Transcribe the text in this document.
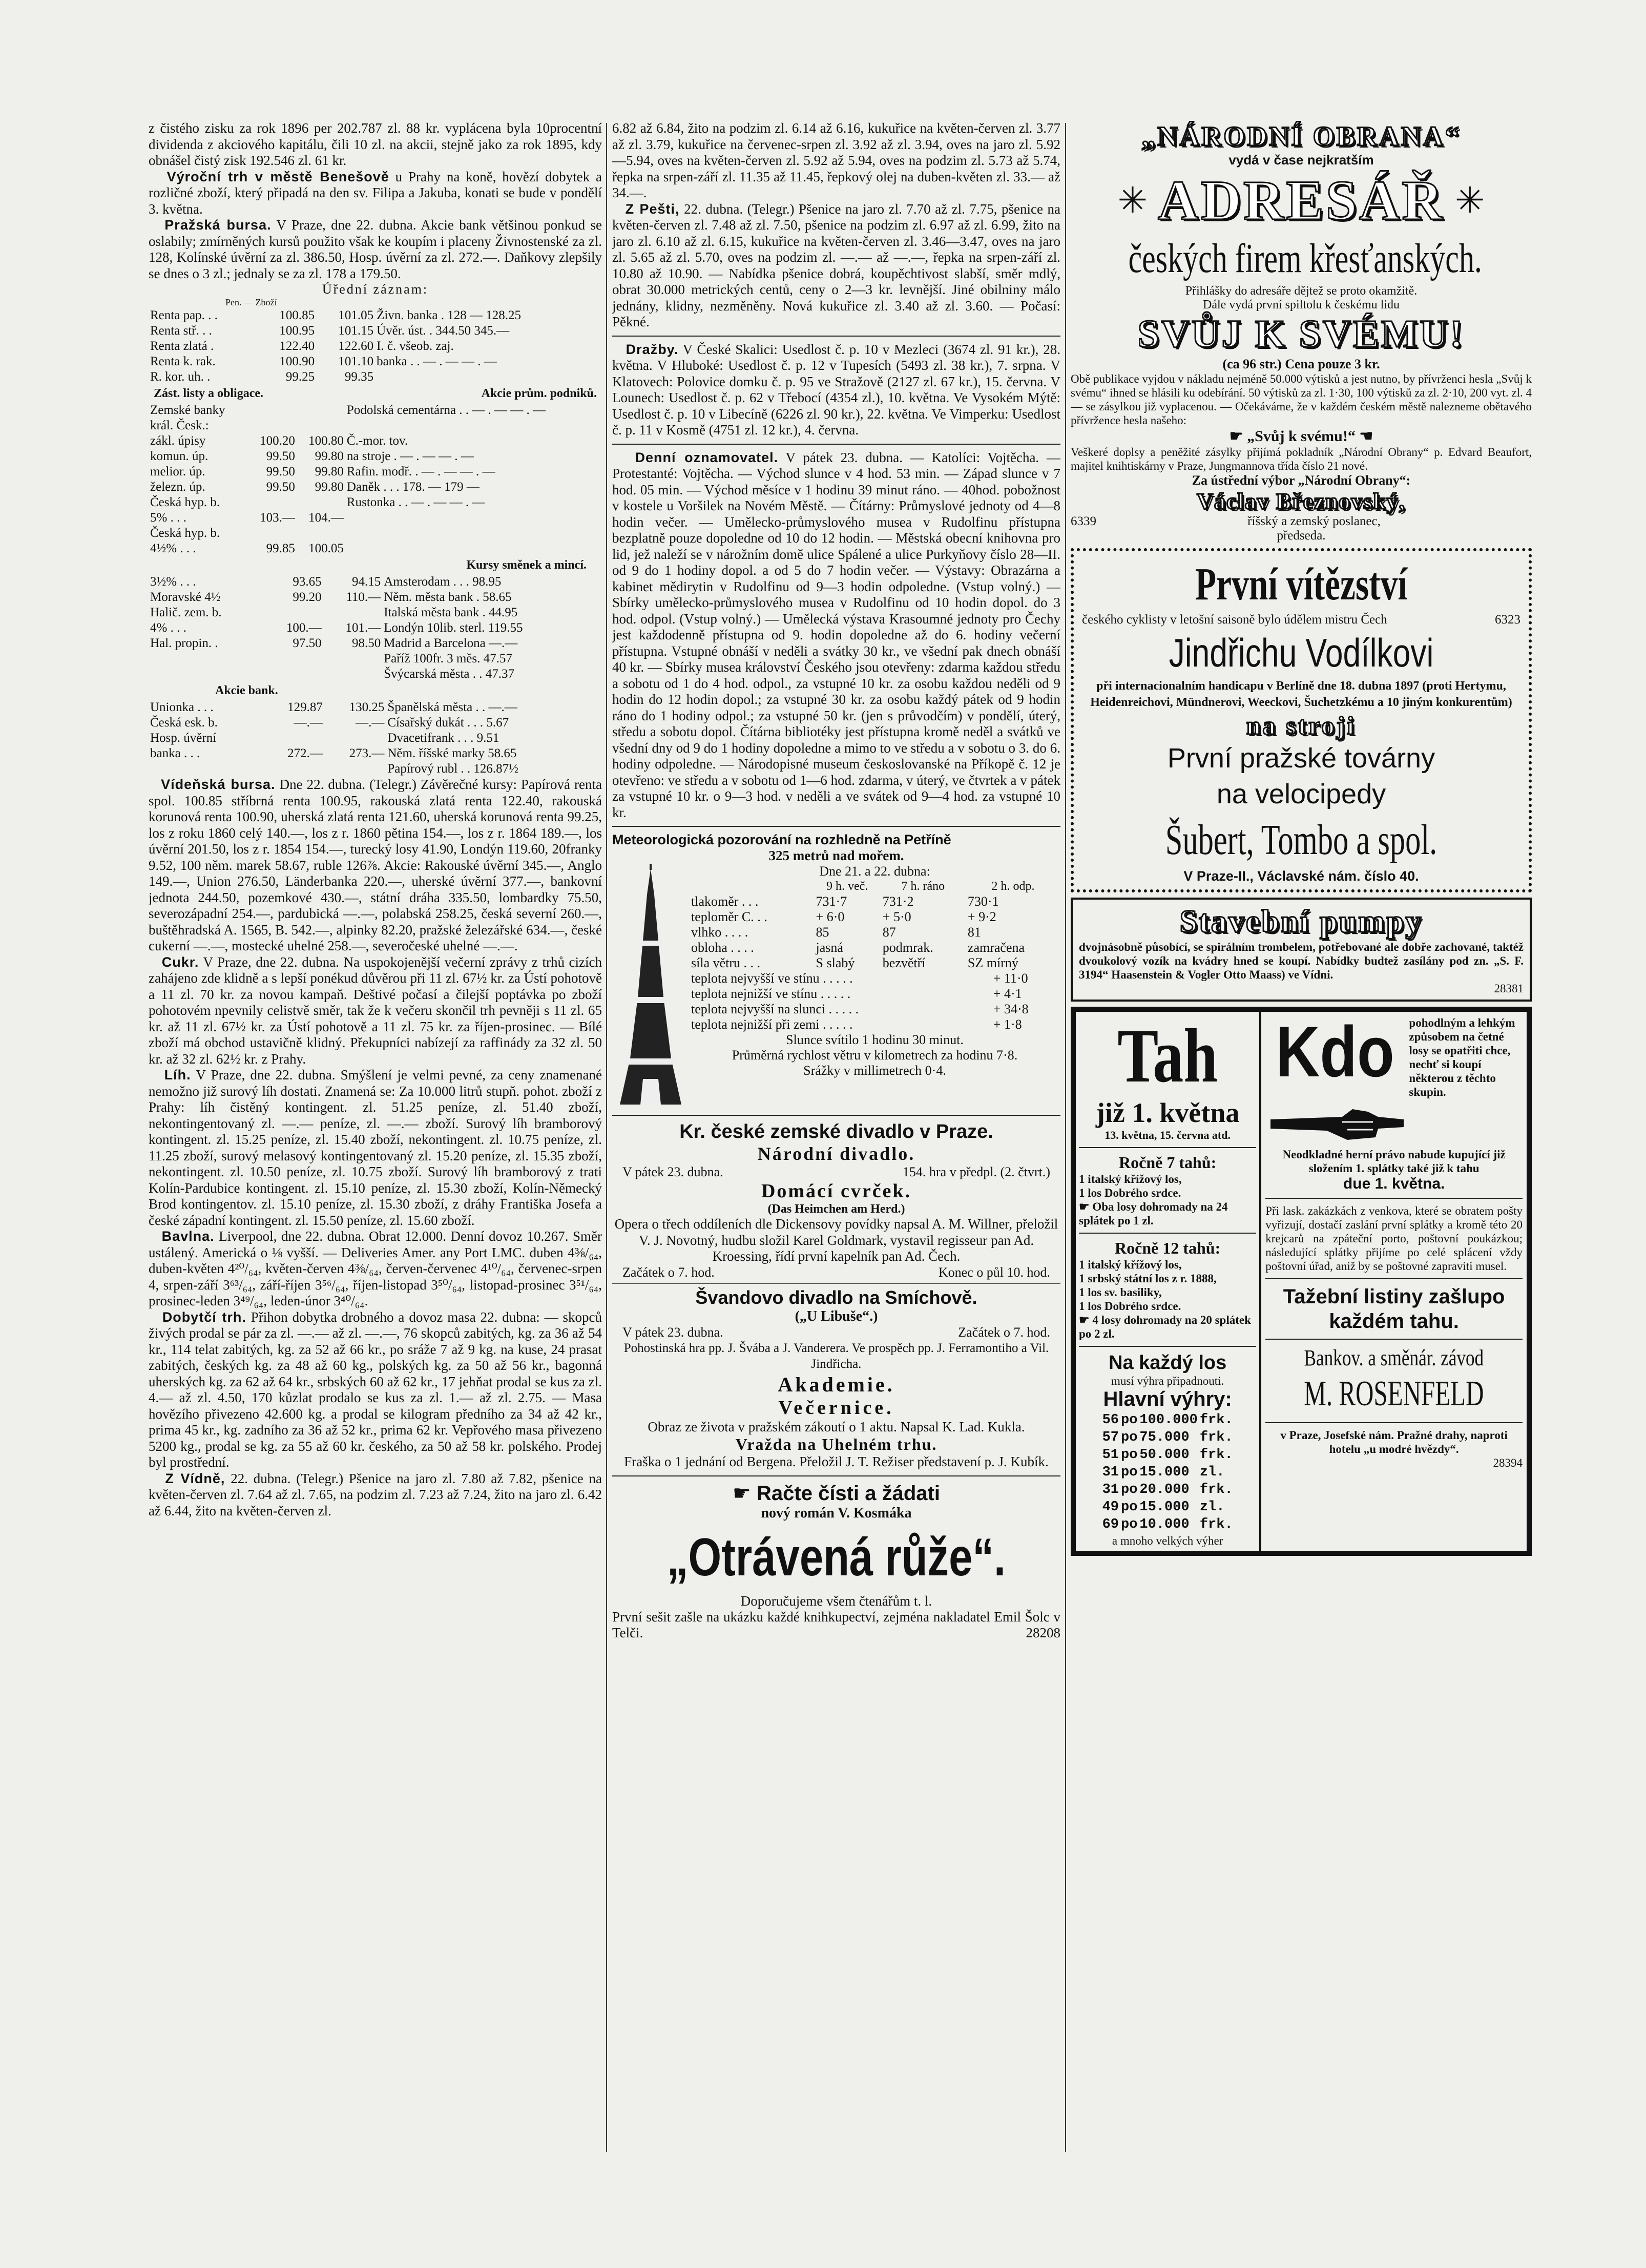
z čistého zisku za rok 1896 per 202.787 zl. 88 kr. vyplácena byla 10procentní dividenda z akciového kapitálu, čili 10 zl. na akcii, stejně jako za rok 1895, kdy obnášel čistý zisk 192.546 zl. 61 kr.

Výroční trh v městě Benešově u Prahy na koně, hovězí dobytek a rozličné zboží, který připadá na den sv. Filipa a Jakuba, konati se bude v pondělí 3. května.

Pražská bursa. V Praze, dne 22. dubna. Akcie bank většinou ponkud se oslabily; zmírněných kursů použito však ke koupím i placeny Živnostenské za zl. 128, Kolínské úvěrní za zl. 386.50, Hosp. úvěrní za zl. 272.—. Daňkovy zlepšily se dnes o 3 zl.; jednaly se za zl. 178 a 179.50.

Úřední záznam:
Pen. — Zboží
Renta pap. . .	100.85	101.05	Živn. banka . 128 — 128.25
Renta stř. . .	100.95	101.15	Úvěr. úst. . 344.50 345.—
Renta zlatá .	122.40	122.60	I. č. všeob. zaj.
Renta k. rak.	100.90	101.10	banka . . — . — — . —
R. kor. uh. .	99.25	99.35	
Zást. listy a obligace.	Akcie prům. podniků.
Zemské banky			Podolská cementárna . . — . — — . —
král. Česk.:			
zákl. úpisy	100.20	100.80	Č.-mor. tov.
komun. úp.	99.50	99.80	na stroje . — . — — . —
melior. úp.	99.50	99.80	Rafin. modř. . — . — — . —
železn. úp.	99.50	99.80	Daněk . . . 178. — 179 —
Česká hyp. b.			Rustonka . . — . — — . —
5% . . .	103.—	104.—	
Česká hyp. b.			
4½% . . .	99.85	100.05	
Kursy směnek a mincí.
3½% . . .	93.65	94.15	Amsterodam . . . 98.95
Moravské 4½	99.20	110.—	Něm. města bank . 58.65
Halič. zem. b.			Italská města bank . 44.95
4% . . .	100.—	101.—	Londýn 10lib. sterl. 119.55
Hal. propin. .	97.50	98.50	Madrid a Barcelona —.—
			Paříž 100fr. 3 měs. 47.57
			Švýcarská města . . 47.37
Akcie bank.
Unionka . . .	129.87	130.25	Španělská města . . —.—
Česká esk. b.	—.—	—.—	Císařský dukát . . . 5.67
Hosp. úvěrní			Dvacetifrank . . . 9.51
banka . . .	272.—	273.—	Něm. říšské marky 58.65
			Papírový rubl . . 126.87½

Vídeňská bursa. Dne 22. dubna. (Telegr.) Závěrečné kursy: Papírová renta spol. 100.85 stříbrná renta 100.95, rakouská zlatá renta 122.40, rakouská korunová renta 100.90, uherská zlatá renta 121.60, uherská korunová renta 99.25, los z roku 1860 celý 140.—, los z r. 1860 pětina 154.—, los z r. 1864 189.—, los úvěrní 201.50, los z r. 1854 154.—, turecký losy 41.90, Londýn 119.60, 20franky 9.52, 100 něm. marek 58.67, ruble 126⅞. Akcie: Rakouské úvěrní 345.—, Anglo 149.—, Union 276.50, Länderbanka 220.—, uherské úvěrní 377.—, bankovní jednota 244.50, pozemkové 430.—, státní dráha 335.50, lombardky 75.50, severozápadní 254.—, pardubická —.—, polabská 258.25, česká severní 260.—, buštěhradská A. 1565, B. 542.—, alpinky 82.20, pražské železářské 634.—, české cukerní —.—, mostecké uhelné 258.—, severočeské uhelné —.—.

Cukr. V Praze, dne 22. dubna. Na uspokojenější večerní zprávy z trhů cizích zahájeno zde klidně a s lepší ponékud důvěrou při 11 zl. 67½ kr. za Ústí pohotově a 11 zl. 70 kr. za novou kampaň. Deštivé počasí a čilejší poptávka po zboží pohotovém npevnily celistvě směr, tak že k večeru skončil trh pevněji s 11 zl. 65 kr. až 11 zl. 67½ kr. za Ústí pohotově a 11 zl. 75 kr. za říjen-prosinec. — Bílé zboží má obchod ustavičně klidný. Překupníci nabízejí za raffinády za 32 zl. 50 kr. až 32 zl. 62½ kr. z Prahy.

Líh. V Praze, dne 22. dubna. Smýšlení je velmi pevné, za ceny znamenané nemožno již surový líh dostati. Znamená se: Za 10.000 litrů stupň. pohot. zboží z Prahy: líh čistěný kontingent. zl. 51.25 peníze, zl. 51.40 zboží, nekontingentovaný zl. —.— peníze, zl. —.— zboží. Surový líh bramborový kontingent. zl. 15.25 peníze, zl. 15.40 zboží, nekontingent. zl. 10.75 peníze, zl. 11.25 zboží, surový melasový kontingentovaný zl. 15.20 peníze, zl. 15.35 zboží, nekontingent. zl. 10.50 peníze, zl. 10.75 zboží. Surový líh bramborový z trati Kolín-Pardubice kontingent. zl. 15.10 peníze, zl. 15.30 zboží, Kolín-Německý Brod kontingentov. zl. 15.10 peníze, zl. 15.30 zboží, z dráhy Františka Josefa a české západní kontingent. zl. 15.50 peníze, zl. 15.60 zboží.

Bavlna. Liverpool, dne 22. dubna. Obrat 12.000. Denní dovoz 10.267. Směr ustálený. Americká o ⅛ vyšší. — Deliveries Amer. any Port LMC. duben 4⅜/₆₄, duben-květen 4²⁰/₆₄, květen-červen 4⅜/₆₄, červen-červenec 4¹⁰/₆₄, červenec-srpen 4, srpen-září 3⁶³/₆₄, září-říjen 3⁵⁶/₆₄, říjen-listopad 3⁵⁰/₆₄, listopad-prosinec 3⁵¹/₆₄, prosinec-leden 3⁴⁹/₆₄, leden-únor 3⁴⁰/₆₄.

Dobytčí trh. Přihon dobytka drobného a dovoz masa 22. dubna: — skopců živých prodal se pár za zl. —.— až zl. —.—, 76 skopců zabitých, kg. za 36 až 54 kr., 114 telat zabitých, kg. za 52 až 66 kr., po sráže 7 až 9 kg. na kuse, 24 prasat zabitých, českých kg. za 48 až 60 kg., polských kg. za 50 až 56 kr., bagonná uherských kg. za 62 až 64 kr., srbských 60 až 62 kr., 17 jehňat prodal se kus za zl. 4.— až zl. 4.50, 170 kůzlat prodalo se kus za zl. 1.— až zl. 2.75. — Masa hovězího přivezeno 42.600 kg. a prodal se kilogram předního za 34 až 42 kr., prima 45 kr., kg. zadního za 36 až 52 kr., prima 62 kr. Vepřového masa přivezeno 5200 kg., prodal se kg. za 55 až 60 kr. českého, za 50 až 58 kr. polského. Prodej byl prostřední.

Z Vídně, 22. dubna. (Telegr.) Pšenice na jaro zl. 7.80 až 7.82, pšenice na květen-červen zl. 7.64 až zl. 7.65, na podzim zl. 7.23 až 7.24, žito na jaro zl. 6.42 až 6.44, žito na květen-červen zl.

6.82 až 6.84, žito na podzim zl. 6.14 až 6.16, kukuřice na květen-červen zl. 3.77 až zl. 3.79, kukuřice na červenec-srpen zl. 3.92 až zl. 3.94, oves na jaro zl. 5.92—5.94, oves na květen-červen zl. 5.92 až 5.94, oves na podzim zl. 5.73 až 5.74, řepka na srpen-září zl. 11.35 až 11.45, řepkový olej na duben-květen zl. 33.— až 34.—.

Z Pešti, 22. dubna. (Telegr.) Pšenice na jaro zl. 7.70 až zl. 7.75, pšenice na květen-červen zl. 7.48 až zl. 7.50, pšenice na podzim zl. 6.97 až zl. 6.99, žito na jaro zl. 6.10 až zl. 6.15, kukuřice na květen-červen zl. 3.46—3.47, oves na jaro zl. 5.65 až zl. 5.70, oves na podzim zl. —.— až —.—, řepka na srpen-září zl. 10.80 až 10.90. — Nabídka pšenice dobrá, koupěchtivost slabší, směr mdlý, obrat 30.000 metrických centů, ceny o 2—3 kr. levnější. Jiné obilniny málo jednány, klidny, nezměněny. Nová kukuřice zl. 3.40 až zl. 3.60. — Počasí: Pěkné.

Dražby. V České Skalici: Usedlost č. p. 10 v Mezleci (3674 zl. 91 kr.), 28. května. V Hluboké: Usedlost č. p. 12 v Tupesích (5493 zl. 38 kr.), 7. srpna. V Klatovech: Polovice domku č. p. 95 ve Stražově (2127 zl. 67 kr.), 15. června. V Lounech: Usedlost č. p. 62 v Třebocí (4354 zl.), 10. května. Ve Vysokém Mýtě: Usedlost č. p. 10 v Libecíně (6226 zl. 90 kr.), 22. května. Ve Vimperku: Usedlost č. p. 11 v Kosmě (4751 zl. 12 kr.), 4. června.

Denní oznamovatel. V pátek 23. dubna. — Katolíci: Vojtěcha. — Protestanté: Vojtěcha. — Východ slunce v 4 hod. 53 min. — Západ slunce v 7 hod. 05 min. — Východ měsíce v 1 hodinu 39 minut ráno. — 40hod. pobožnost v kostele u Voršilek na Novém Městě. — Čítárny: Průmyslové jednoty od 4—8 hodin večer. — Umělecko-průmyslového musea v Rudolfinu přístupna bezplatně pouze dopoledne od 10 do 12 hodin. — Městská obecní knihovna pro lid, jež naleží se v nárožním domě ulice Spálené a ulice Purkyňovy číslo 28—II. od 9 do 1 hodiny dopol. a od 5 do 7 hodin večer. — Výstavy: Obrazárna a kabinet mědirytin v Rudolfinu od 9—3 hodin odpoledne. (Vstup volný.) — Sbírky umělecko-průmyslového musea v Rudolfinu od 10 hodin dopol. do 3 hod. odpol. (Vstup volný.) — Umělecká výstava Krasoumné jednoty pro Čechy jest každodenně přístupna od 9. hodin dopoledne až do 6. hodiny večerní přístupna. Vstupné obnáší v neděli a svátky 30 kr., ve všední pak dnech obnáší 40 kr. — Sbírky musea království Českého jsou otevřeny: zdarma každou středu a sobotu od 1 do 4 hod. odpol., za vstupné 10 kr. za osobu každou neděli od 9 hodin do 12 hodin dopol.; za vstupné 30 kr. za osobu každý pátek od 9 hodin ráno do 1 hodiny odpol.; za vstupné 50 kr. (jen s průvodčím) v pondělí, úterý, středu a sobotu dopol. Čítárna bibliotéky jest přístupna kromě neděl a svátků ve všední dny od 9 do 1 hodiny dopoledne a mimo to ve středu a v sobotu o 3. do 6. hodiny odpoledne. — Národopisné museum českoslovanské na Příkopě č. 12 je otevřeno: ve středu a v sobotu od 1—6 hod. zdarma, v úterý, ve čtvrtek a v pátek za vstupné 10 kr. o 9—3 hod. v neděli a ve svátek od 9—4 hod. za vstupné 10 kr.

Meteorologická pozorování na rozhledně na Petříně
325 metrů nad mořem.
Dne 21. a 22. dubna:
	9 h. več.	7 h. ráno	2 h. odp.
tlakoměr . . .	731·7	731·2	730·1
teploměr C. . .	+ 6·0	+ 5·0	+ 9·2
vlhko . . . .	85	87	81
obloha . . . .	jasná	podmrak.	zamračena
síla větru . . .	S slabý	bezvětří	SZ mírný
teplota nejvyšší ve stínu . . . . .	+ 11·0
teplota nejnižší ve stínu . . . . .	+ 4·1
teplota nejvyšší na slunci . . . . .	+ 34·8
teplota nejnižší při zemi . . . . .	+ 1·8
Slunce svítilo 1 hodinu 30 minut.
Průměrná rychlost větru v kilometrech za hodinu 7·8.
Srážky v millimetrech 0·4.
Kr. české zemské divadlo v Praze.
Národní divadlo.
V pátek 23. dubna.	154. hra v předpl. (2. čtvrt.)
Domácí cvrček.
(Das Heimchen am Herd.)

Opera o třech oddíleních dle Dickensovy povídky napsal A. M. Willner, přeložil V. J. Novotný, hudbu složil Karel Goldmark, vystavil regisseur pan Ad. Kroessing, řídí první kapelník pan Ad. Čech.

Začátek o 7. hod.	Konec o půl 10. hod.
Švandovo divadlo na Smíchově.
(„U Libuše“.)
V pátek 23. dubna.	Začátek o 7. hod.

Pohostinská hra pp. J. Švába a J. Vanderera. Ve prospěch pp. J. Ferramontiho a Vil. Jindřicha.

Akademie.
Večernice.

Obraz ze života v pražském zákoutí o 1 aktu. Napsal K. Lad. Kukla.

Vražda na Uhelném trhu.

Fraška o 1 jednání od Bergena. Přeložil J. T. Režiser představení p. J. Kubík.

☛ Račte čísti a žádati
nový román V. Kosmáka
„Otrávená růže“.
Doporučujeme všem čtenářům t. l.

První sešit zašle na ukázku každé knihkupectví, zejména nakladatel Emil Šolc v Telči.	28208

„NÁRODNÍ OBRANA“
vydá v čase nejkratším
✳ ADRESÁŘ ✳
českých firem křesťanských.
Přihlášky do adresáře dějtež se proto okamžitě.
Dále vydá první spiltolu k českému lidu
SVŮJ K SVÉMU!
(ca 96 str.) Cena pouze 3 kr.

Obě publikace vyjdou v nákladu nejméně 50.000 výtisků a jest nutno, by přívrženci hesla „Svůj k svému“ ihned se hlásili ku odebírání. 50 výtisků za zl. 1·30, 100 výtisků za zl. 2·10, 200 vyt. zl. 4— se zásylkou již vyplacenou. — Očekáváme, že v každém českém městě nalezneme obětavého přívržence hesla našeho:

☛ „Svůj k svému!“ ☚

Veškeré doplsy a peněžité zásylky přijímá pokladník „Národní Obrany“ p. Edvard Beaufort, majitel knihtiskárny v Praze, Jungmannova třída číslo 21 nové.

Za ústřední výbor „Národní Obrany“:
Václav Březnovský,
6339	říšský a zemský poslanec,
předseda.
První vítězství
českého cyklisty v letošní saisoně bylo údělem mistru Čech	6323
Jindřichu Vodílkovi

při internacionalním handicapu v Berlíně dne 18. dubna 1897 (proti Hertymu, Heidenreichovi, Mündnerovi, Weeckovi, Šuchetzkému a 10 jiným konkurentům)

na stroji
První pražské továrny
na velocipedy
Šubert, Tombo a spol.
V Praze-II., Václavské nám. číslo 40.
Stavební pumpy

dvojnásobně působící, se spirálním trombelem, potřebované ale dobře zachované, taktéž dvoukolový vozík na kvádry hned se koupí. Nabídky budtež zasílány pod zn. „S. F. 3194“ Haasenstein & Vogler Otto Maass) ve Vídni.

28381
Tah
již 1. května
13. května, 15. června atd.
Ročně 7 tahů:
1 italský křížový los,
1 los Dobrého srdce.
☛ Oba losy dohromady na 24 splátek po 1 zl.
Ročně 12 tahů:
1 italský křížový los,
1 srbský státní los z r. 1888,
1 los sv. basiliky,
1 los Dobrého srdce.
☛ 4 losy dohromady na 20 splátek po 2 zl.
Na každý los
musí výhra připadnouti.
Hlavní výhry:
56	po	100.000	frk.
57	po	75.000	frk.
51	po	50.000	frk.
31	po	15.000	zl.
31	po	20.000	frk.
49	po	15.000	zl.
69	po	10.000	frk.
a mnoho velkých výher
Kdo pohodlným a lehkým způsobem na četné losy se opatřiti chce, nechť si koupí některou z těchto skupin.

Neodkladné herní právo nabude kupující již složením 1. splátky také již k tahu

due 1. května.

Při lask. zakázkách z venkova, které se obratem pošty vyřizují, dostačí zaslání první splátky a kromě této 20 krejcarů na zpáteční porto, poštovní poukázkou; následující splátky přijíme po celé splácení vždy poštovní úřad, aniž by se poštovné zapraviti musel.

Tažební listiny zašlupo každém tahu.
Bankov. a směnár. závod
M. ROSENFELD

v Praze, Josefské nám. Pražné drahy, naproti hotelu „u modré hvězdy“.

28394
